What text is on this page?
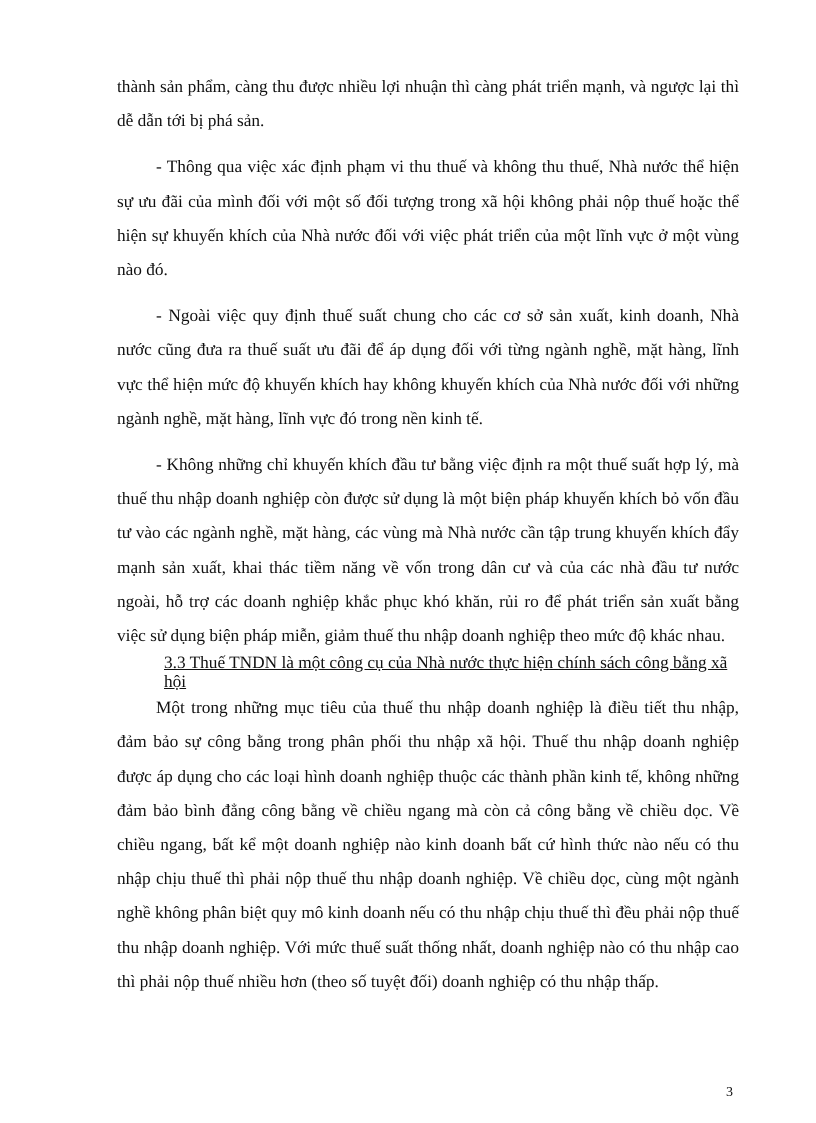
thành sản phẩm, càng thu được nhiều lợi nhuận thì càng phát triển mạnh, và ngược lại thì dễ dẫn tới bị phá sản.

- Thông qua việc xác định phạm vi thu thuế và không thu thuế, Nhà nước thể hiện sự ưu đãi của mình đối với một số đối tượng trong xã hội không phải nộp thuế hoặc thể hiện sự khuyến khích của Nhà nước đối với việc phát triển của một lĩnh vực ở một vùng nào đó.

- Ngoài việc quy định thuế suất chung cho các cơ sở sản xuất, kinh doanh, Nhà nước cũng đưa ra thuế suất ưu đãi để áp dụng đối với từng ngành nghề, mặt hàng, lĩnh vực thể hiện mức độ khuyến khích hay không khuyến khích của Nhà nước đối với những ngành nghề, mặt hàng, lĩnh vực đó trong nền kinh tế.

- Không những chỉ khuyến khích đầu tư bằng việc định ra một thuế suất hợp lý, mà thuế thu nhập doanh nghiệp còn được sử dụng là một biện pháp khuyến khích bỏ vốn đầu tư vào các ngành nghề, mặt hàng, các vùng mà Nhà nước cần tập trung khuyến khích đẩy mạnh sản xuất, khai thác tiềm năng về vốn trong dân cư và của các nhà đầu tư nước ngoài, hỗ trợ các doanh nghiệp khắc phục khó khăn, rủi ro để phát triển sản xuất bằng việc sử dụng biện pháp miễn, giảm thuế thu nhập doanh nghiệp theo mức độ khác nhau.

3.3 Thuế TNDN là một công cụ của Nhà nước thực hiện chính sách công bằng xã hội

Một trong những mục tiêu của thuế thu nhập doanh nghiệp là điều tiết thu nhập, đảm bảo sự công bằng trong phân phối thu nhập xã hội. Thuế thu nhập doanh nghiệp được áp dụng cho các loại hình doanh nghiệp thuộc các thành phần kinh tế, không những đảm bảo bình đẳng công bằng về chiều ngang mà còn cả công bằng về chiều dọc. Về chiều ngang, bất kể một doanh nghiệp nào kinh doanh bất cứ hình thức nào nếu có thu nhập chịu thuế thì phải nộp thuế thu nhập doanh nghiệp. Về chiều dọc, cùng một ngành nghề không phân biệt quy mô kinh doanh nếu có thu nhập chịu thuế thì đều phải nộp thuế thu nhập doanh nghiệp. Với mức thuế suất thống nhất, doanh nghiệp nào có thu nhập cao thì phải nộp thuế nhiều hơn (theo số tuyệt đối) doanh nghiệp có thu nhập thấp.

3
